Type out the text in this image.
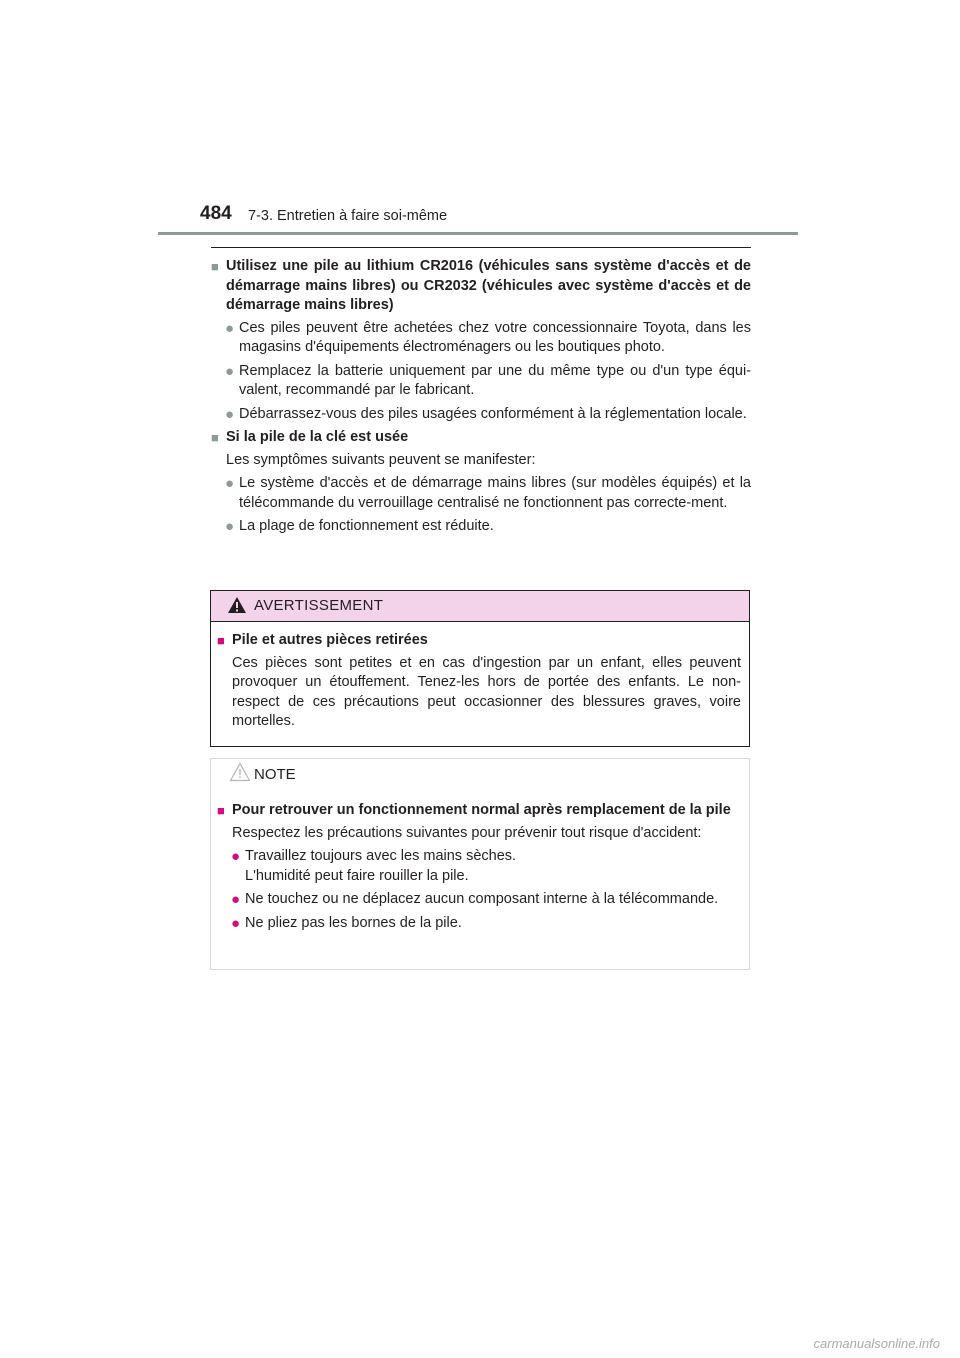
484 7-3. Entretien à faire soi-même
■ Utilisez une pile au lithium CR2016 (véhicules sans système d'accès et de démarrage mains libres) ou CR2032 (véhicules avec système d'accès et de démarrage mains libres)
● Ces piles peuvent être achetées chez votre concessionnaire Toyota, dans les magasins d'équipements électroménagers ou les boutiques photo.
● Remplacez la batterie uniquement par une du même type ou d'un type équi-valent, recommandé par le fabricant.
● Débarrassez-vous des piles usagées conformément à la réglementation locale.
■ Si la pile de la clé est usée
Les symptômes suivants peuvent se manifester:
● Le système d'accès et de démarrage mains libres (sur modèles équipés) et la télécommande du verrouillage centralisé ne fonctionnent pas correcte-ment.
● La plage de fonctionnement est réduite.
AVERTISSEMENT
■ Pile et autres pièces retirées
Ces pièces sont petites et en cas d'ingestion par un enfant, elles peuvent provoquer un étouffement. Tenez-les hors de portée des enfants. Le non-respect de ces précautions peut occasionner des blessures graves, voire mortelles.
NOTE
■ Pour retrouver un fonctionnement normal après remplacement de la pile
Respectez les précautions suivantes pour prévenir tout risque d'accident:
● Travaillez toujours avec les mains sèches.
L'humidité peut faire rouiller la pile.
● Ne touchez ou ne déplacez aucun composant interne à la télécommande.
● Ne pliez pas les bornes de la pile.
carmanualsonline.info
